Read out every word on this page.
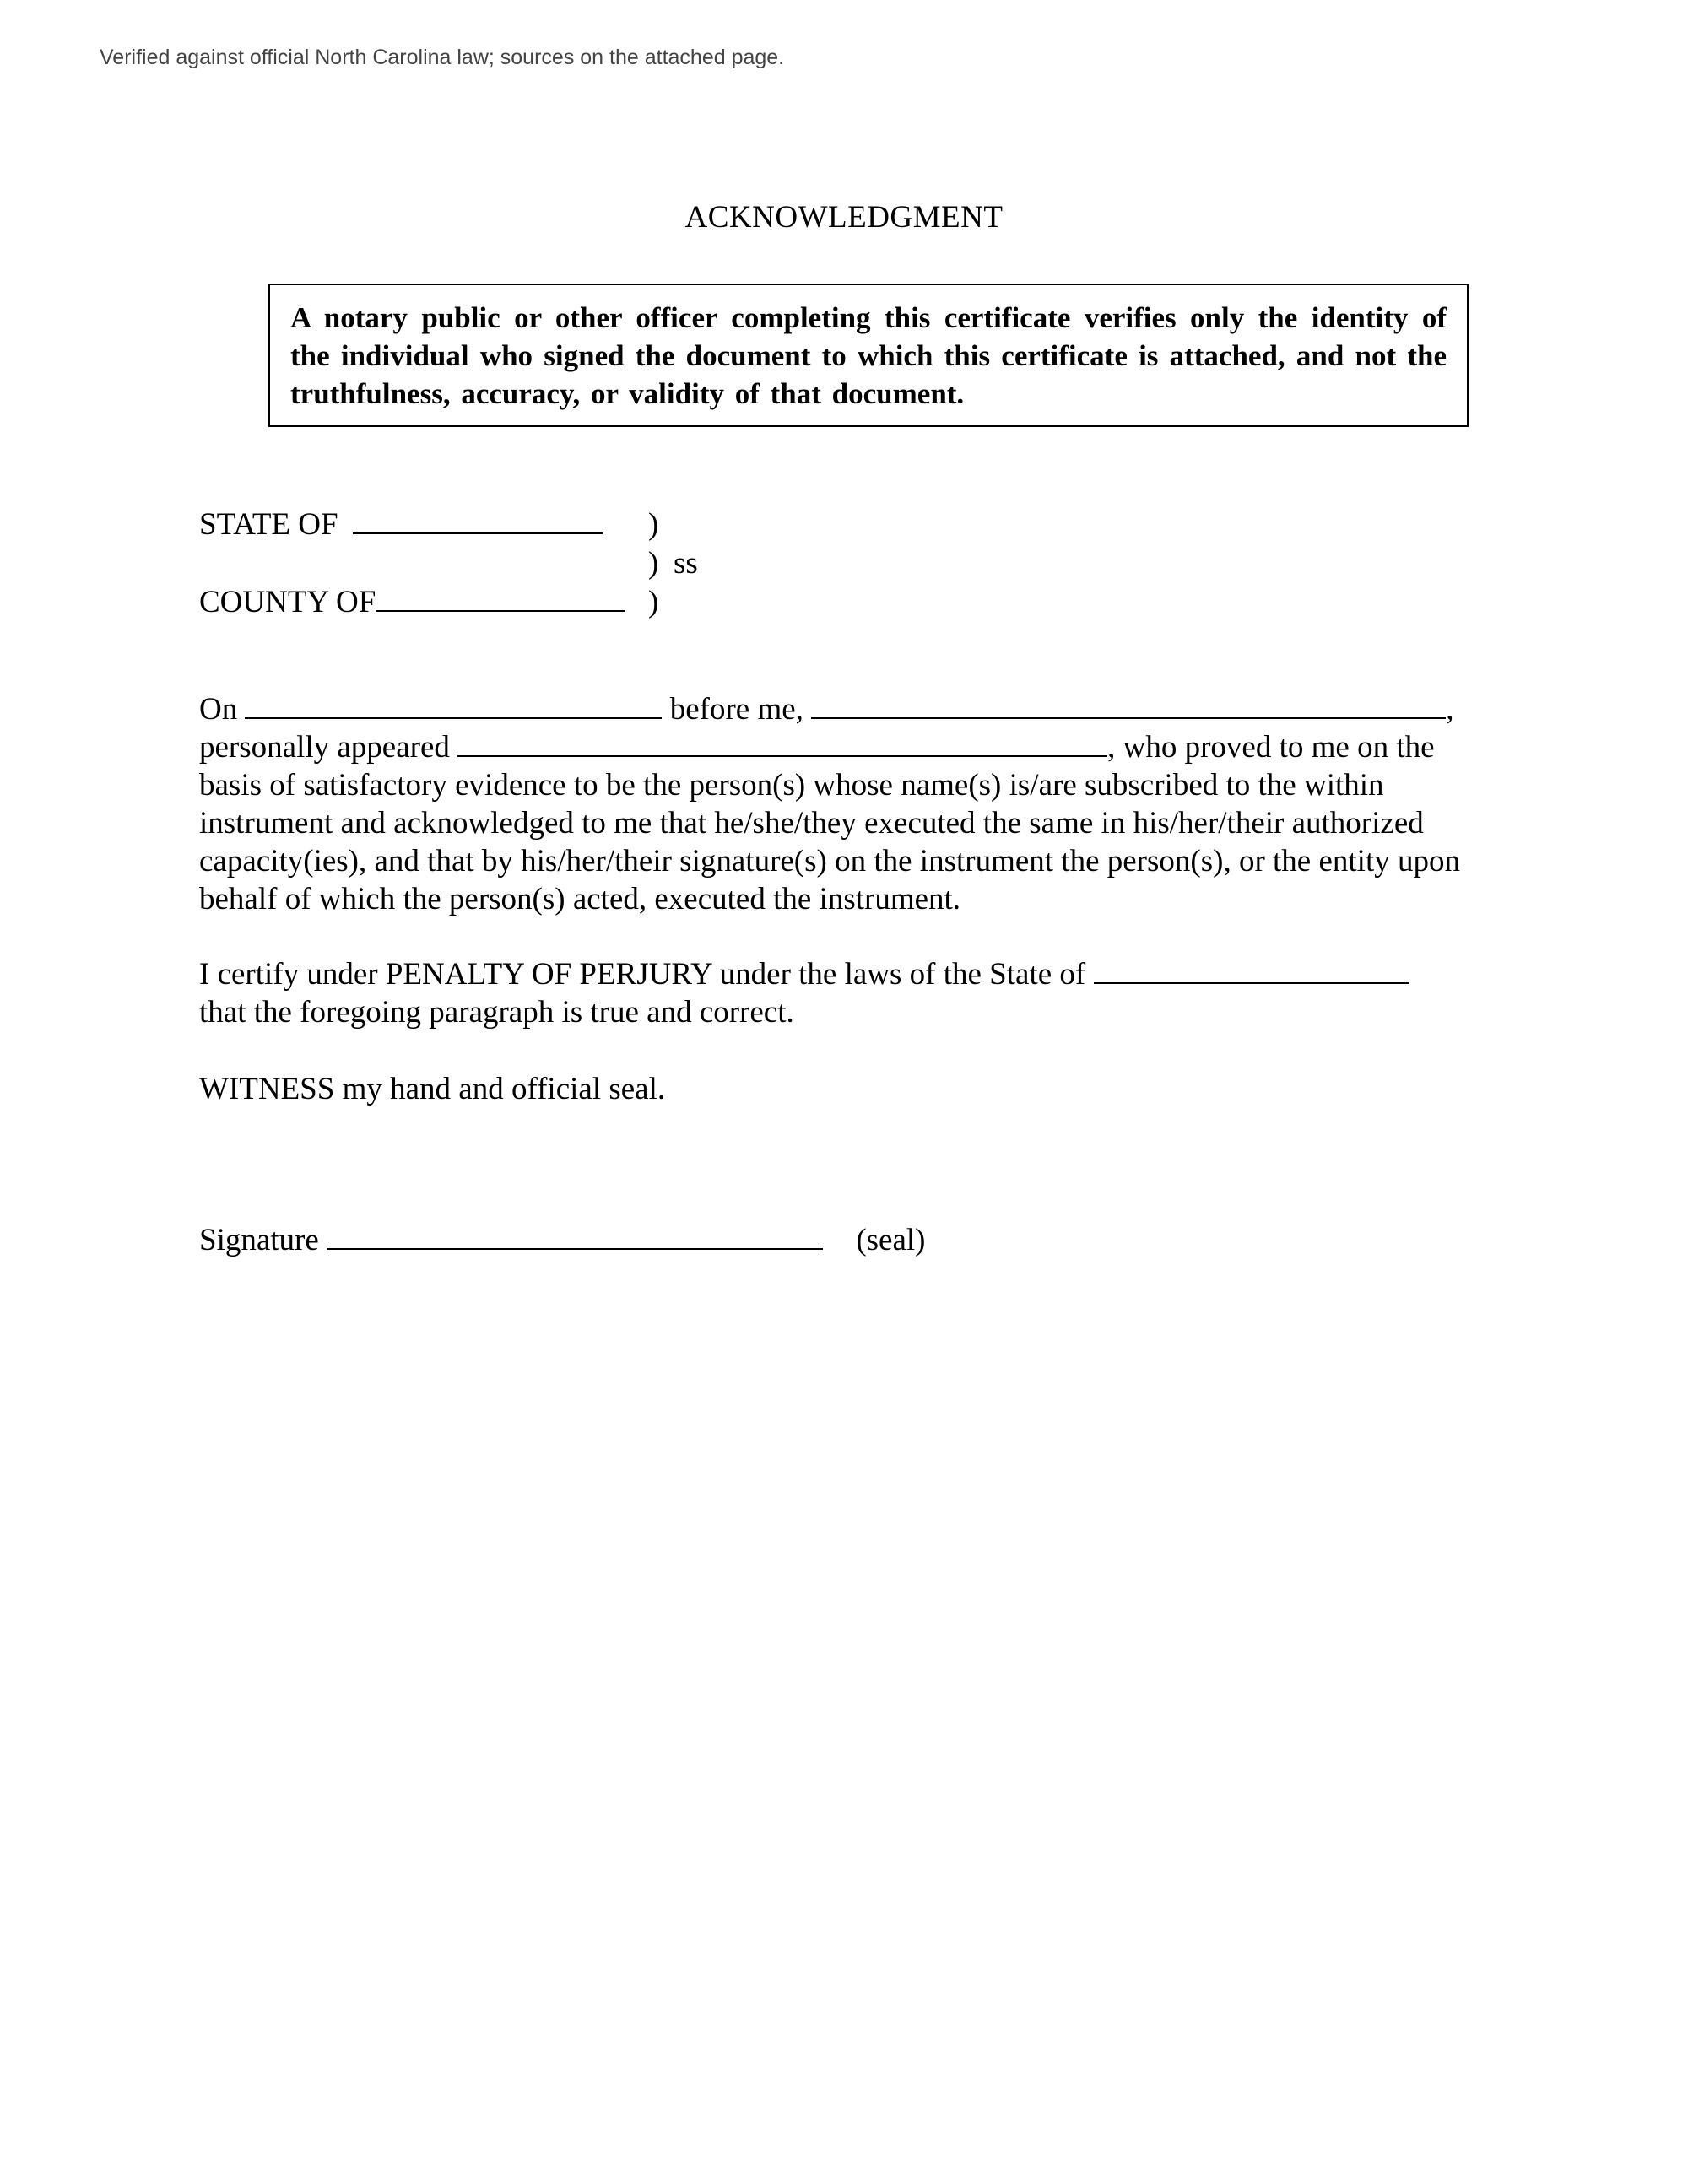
Verified against official North Carolina law; sources on the attached page.
ACKNOWLEDGMENT

A notary public or other officer completing this certificate verifies only the identity of the individual who signed the document to which this certificate is attached, and not the truthfulness, accuracy, or validity of that document.

STATE OF	)
) ss
COUNTY OF	)

On	before me,	,
personally appeared	, who proved to me on the basis of satisfactory evidence to be the person(s) whose name(s) is/are subscribed to the within instrument and acknowledged to me that he/she/they executed the same in his/her/their authorized capacity(ies), and that by his/her/their signature(s) on the instrument the person(s), or the entity upon behalf of which the person(s) acted, executed the instrument.

I certify under PENALTY OF PERJURY under the laws of the State of
that the foregoing paragraph is true and correct.

WITNESS my hand and official seal.

Signature	(seal)
